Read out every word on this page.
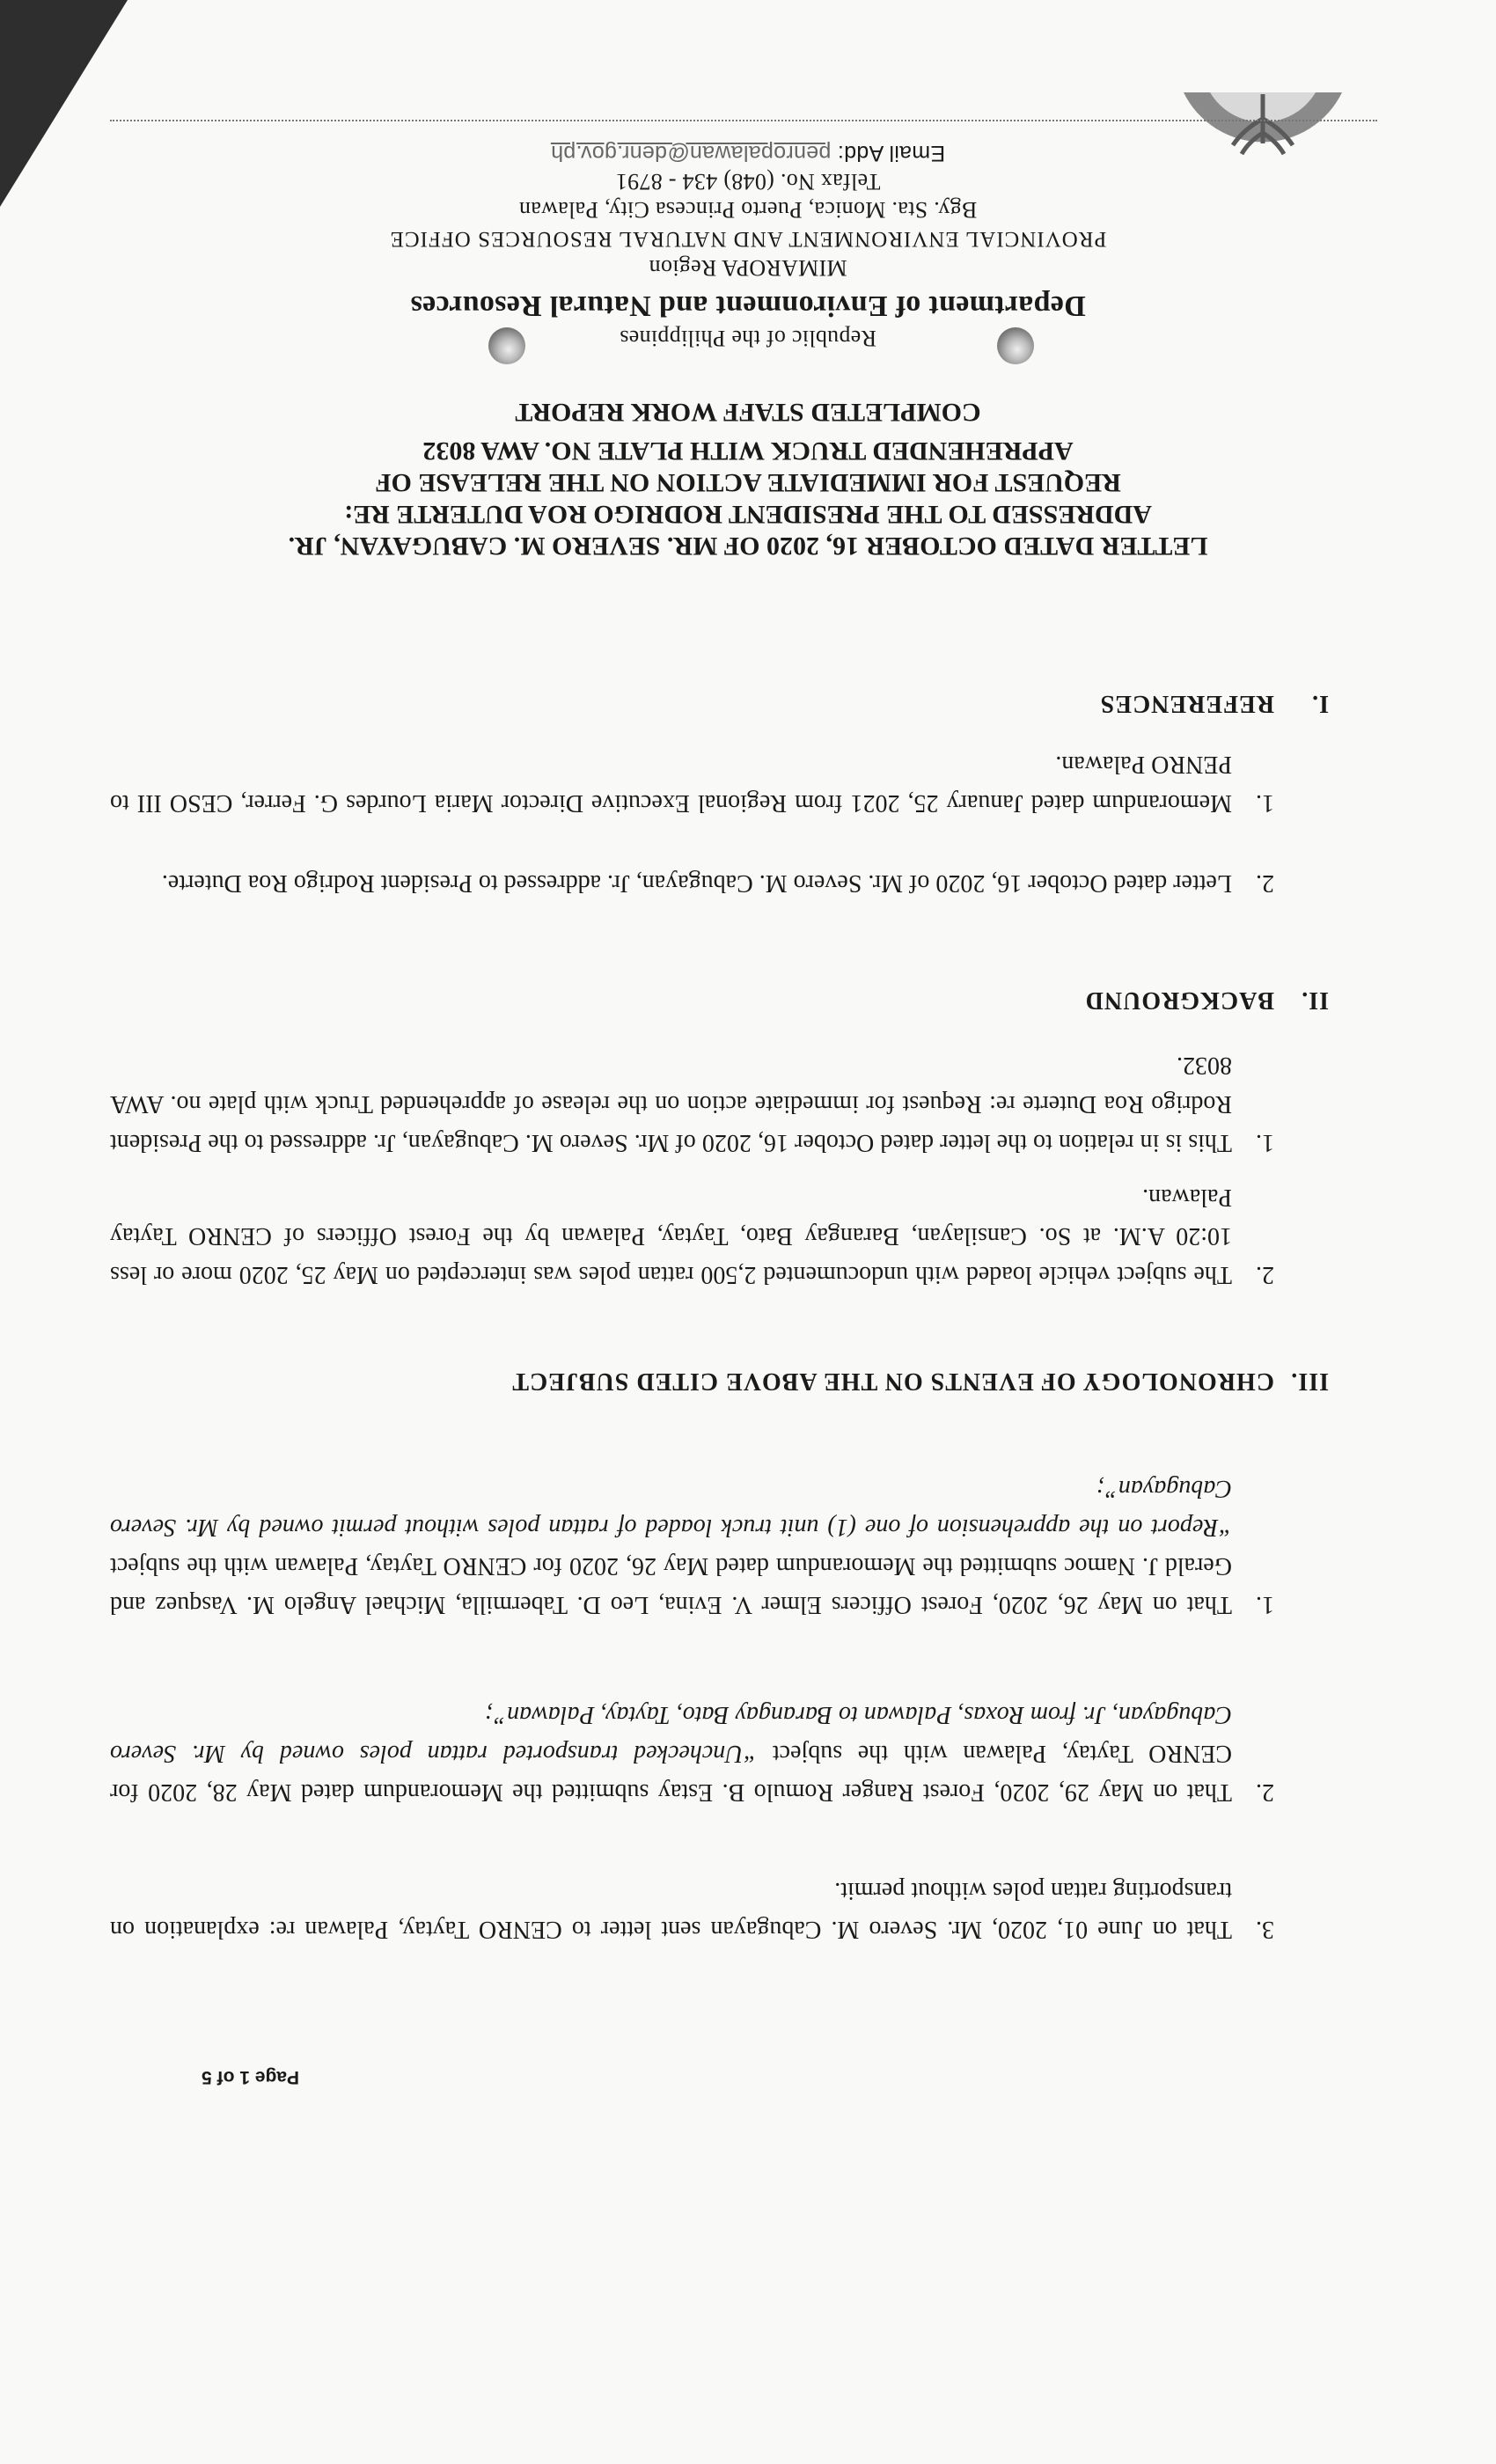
Republic of the Philippines
Department of Environment and Natural Resources
MIMAROPA Region
PROVINCIAL ENVIRONMENT AND NATURAL RESOURCES OFFICE
Bgy. Sta. Monica, Puerto Princesa City, Palawan
Telfax No. (048) 434 - 8791
Email Add: penropalawan@denr.gov.ph
COMPLETED STAFF WORK REPORT
LETTER DATED OCTOBER 16, 2020 OF MR. SEVERO M. CABUGAYAN, JR.
ADDRESSED TO THE PRESIDENT RODRIGO ROA DUTERTE RE:
REQUEST FOR IMMEDIATE ACTION ON THE RELEASE OF
APPREHENDED TRUCK WITH PLATE NO. AWA 8032
I.REFERENCES
1.
Memorandum dated January 25, 2021 from Regional Executive Director Maria Lourdes G. Ferrer, CESO III to PENRO Palawan.
2.
Letter dated October 16, 2020 of Mr. Severo M. Cabugayan, Jr. addressed to President Rodrigo Roa Duterte.
II.BACKGROUND
1.
This is in relation to the letter dated October 16, 2020 of Mr. Severo M. Cabugayan, Jr. addressed to the President Rodrigo Roa Duterte re: Request for immediate action on the release of apprehended Truck with plate no. AWA 8032.
2.
The subject vehicle loaded with undocumented 2,500 rattan poles was intercepted on May 25, 2020 more or less 10:20 A.M. at So. Cansilayan, Barangay Bato, Taytay, Palawan by the Forest Officers of CENRO Taytay Palawan.
III.CHRONOLOGY OF EVENTS ON THE ABOVE CITED SUBJECT
1.
That on May 26, 2020, Forest Officers Elmer V. Evina, Leo D. Tabermilla, Michael Angelo M. Vasquez and Gerald J. Namoc submitted the Memorandum dated May 26, 2020 for CENRO Taytay, Palawan with the subject “Report on the apprehension of one (1) unit truck loaded of rattan poles without permit owned by Mr. Severo Cabugayan”;
2.
That on May 29, 2020, Forest Ranger Romulo B. Estay submitted the Memorandum dated May 28, 2020 for CENRO Taytay, Palawan with the subject “Unchecked transported rattan poles owned by Mr. Severo Cabugayan, Jr. from Roxas, Palawan to Barangay Bato, Taytay, Palawan”;
3.
That on June 01, 2020, Mr. Severo M. Cabugayan sent letter to CENRO Taytay, Palawan re: explanation on transporting rattan poles without permit.
Page 1 of 5
